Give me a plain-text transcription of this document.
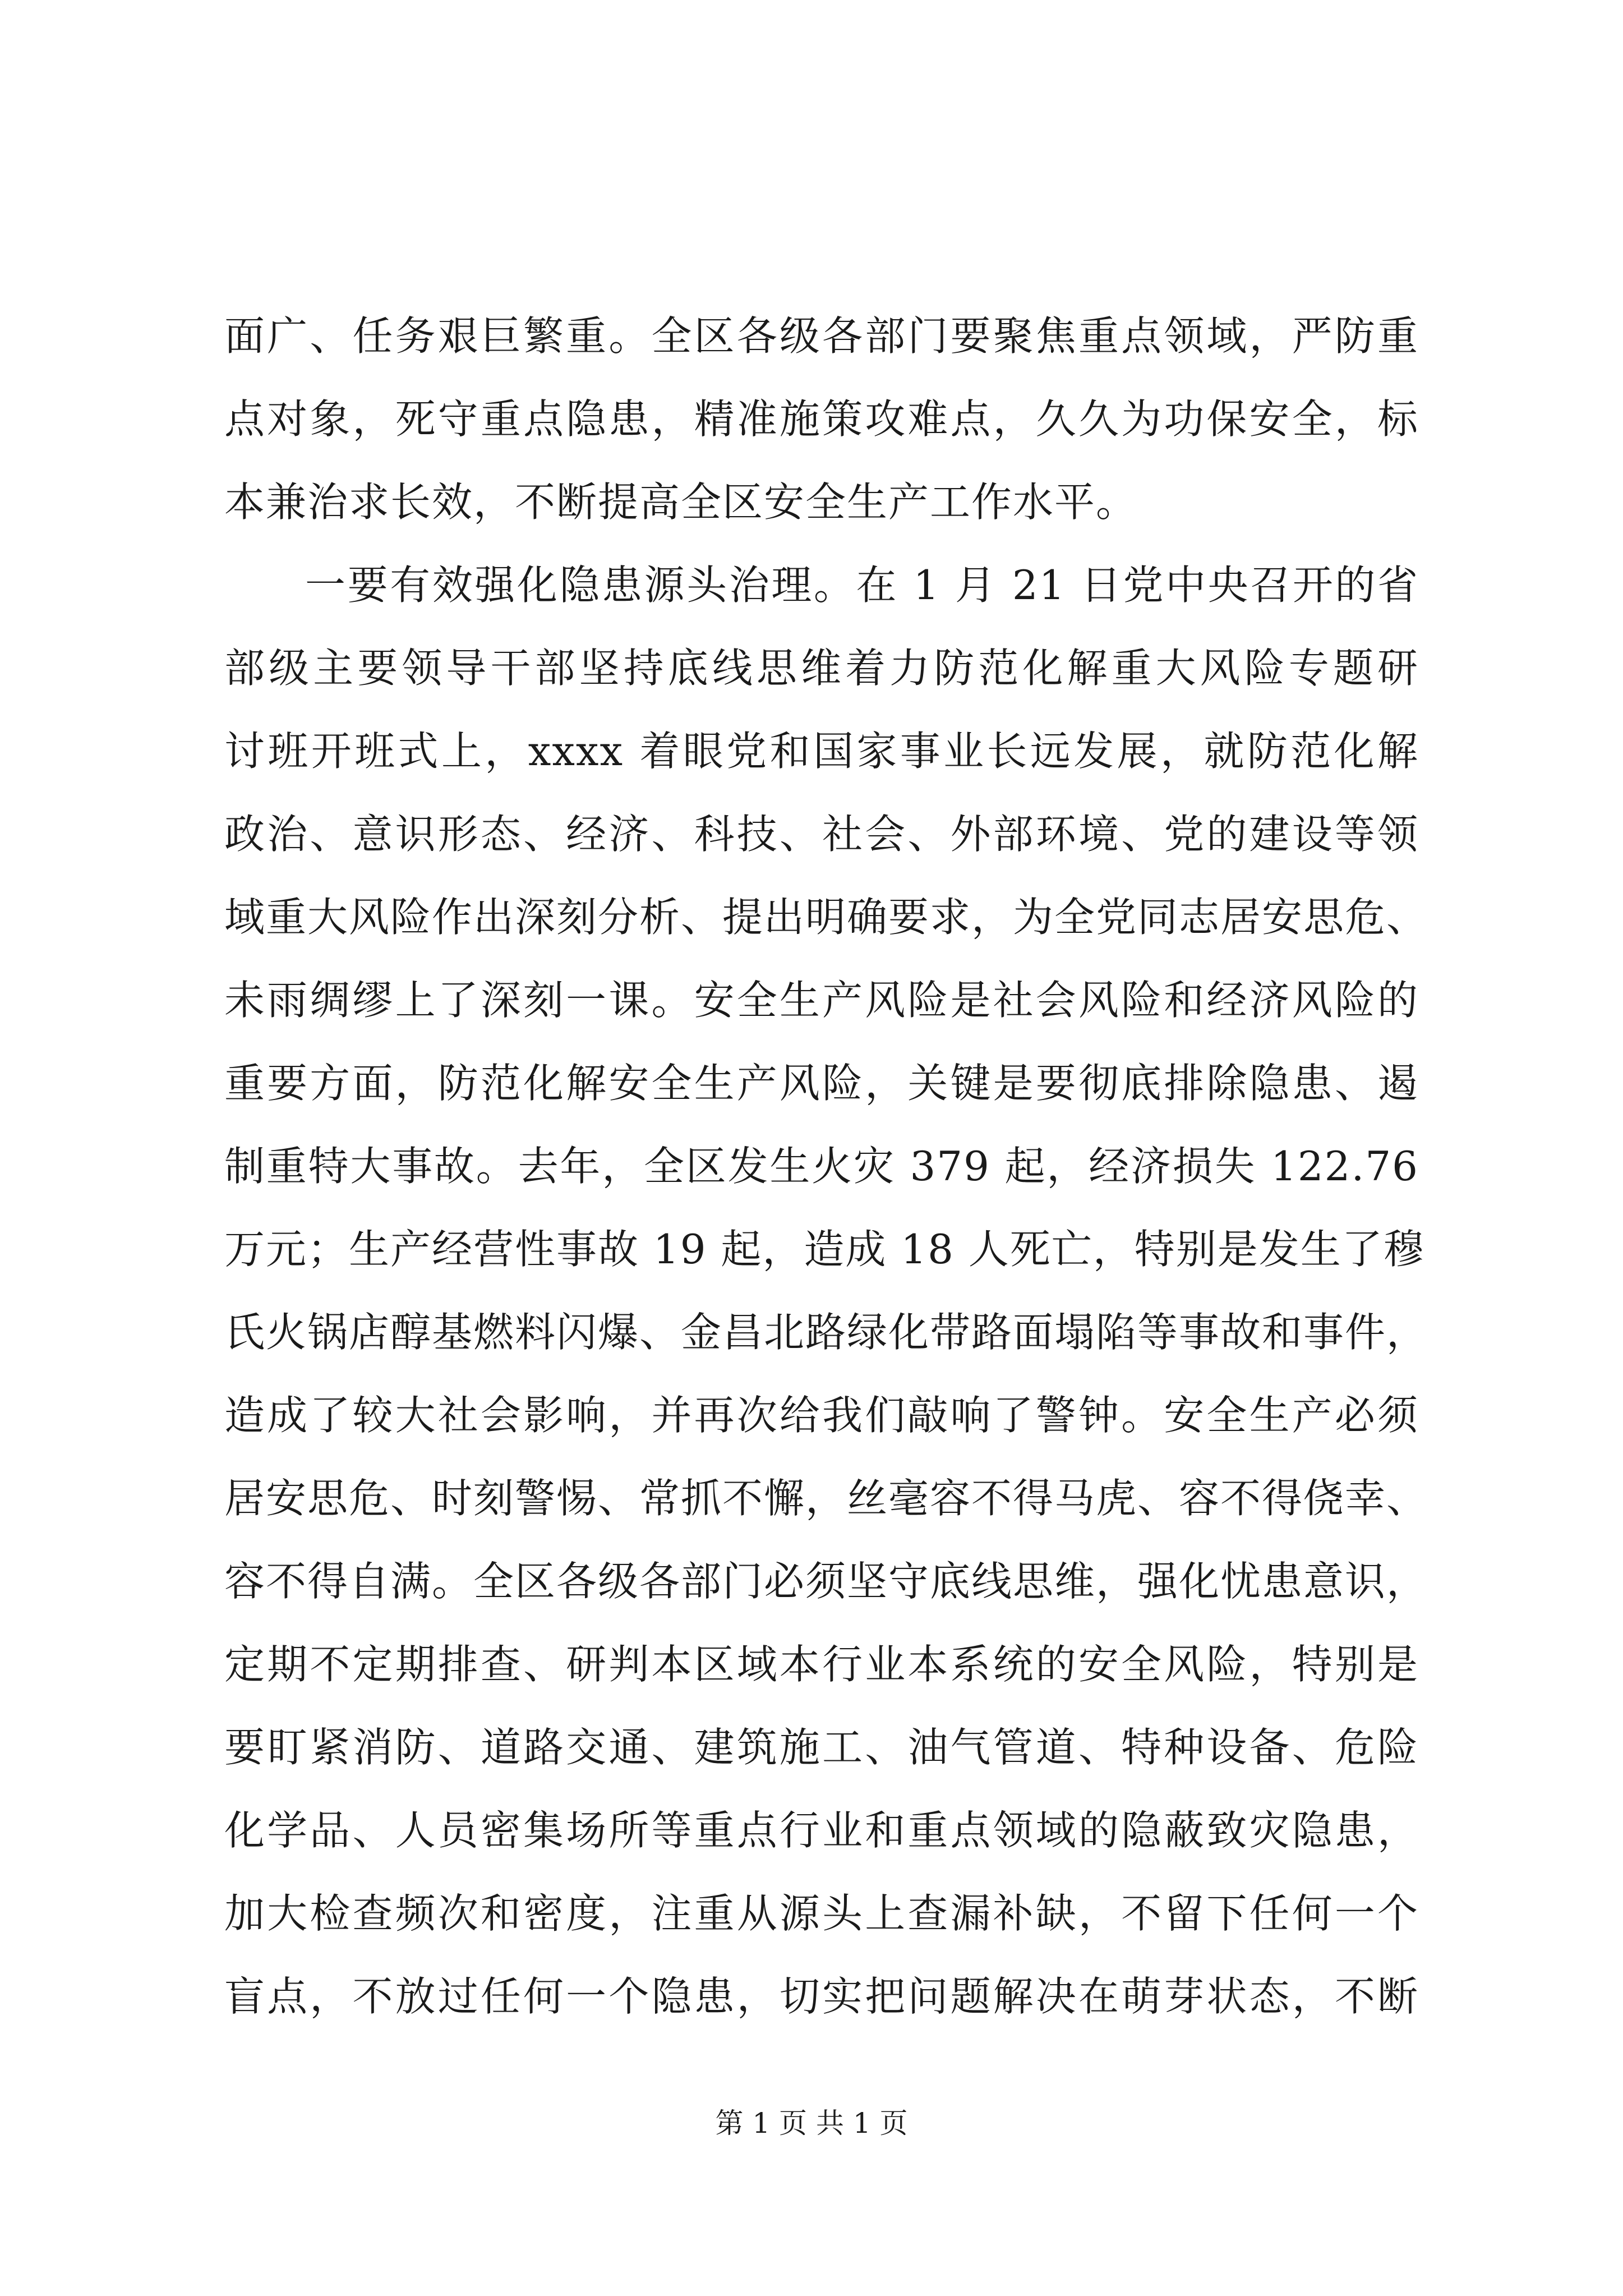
面广、任务艰巨繁重。全区各级各部门要聚焦重点领域，严防重
点对象，死守重点隐患，精准施策攻难点，久久为功保安全，标
本兼治求长效，不断提高全区安全生产工作水平。
一要有效强化隐患源头治理。在 1 月 21 日党中央召开的省
部级主要领导干部坚持底线思维着力防范化解重大风险专题研
讨班开班式上，xxxx 着眼党和国家事业长远发展，就防范化解
政治、意识形态、经济、科技、社会、外部环境、党的建设等领
域重大风险作出深刻分析、提出明确要求，为全党同志居安思危、
未雨绸缪上了深刻一课。安全生产风险是社会风险和经济风险的
重要方面，防范化解安全生产风险，关键是要彻底排除隐患、遏
制重特大事故。去年，全区发生火灾 379 起，经济损失 122.76
万元；生产经营性事故 19 起，造成 18 人死亡，特别是发生了穆
氏火锅店醇基燃料闪爆、金昌北路绿化带路面塌陷等事故和事件，
造成了较大社会影响，并再次给我们敲响了警钟。安全生产必须
居安思危、时刻警惕、常抓不懈，丝毫容不得马虎、容不得侥幸、
容不得自满。全区各级各部门必须坚守底线思维，强化忧患意识，
定期不定期排查、研判本区域本行业本系统的安全风险，特别是
要盯紧消防、道路交通、建筑施工、油气管道、特种设备、危险
化学品、人员密集场所等重点行业和重点领域的隐蔽致灾隐患，
加大检查频次和密度，注重从源头上查漏补缺，不留下任何一个
盲点，不放过任何一个隐患，切实把问题解决在萌芽状态，不断
第 1 页 共 1 页
